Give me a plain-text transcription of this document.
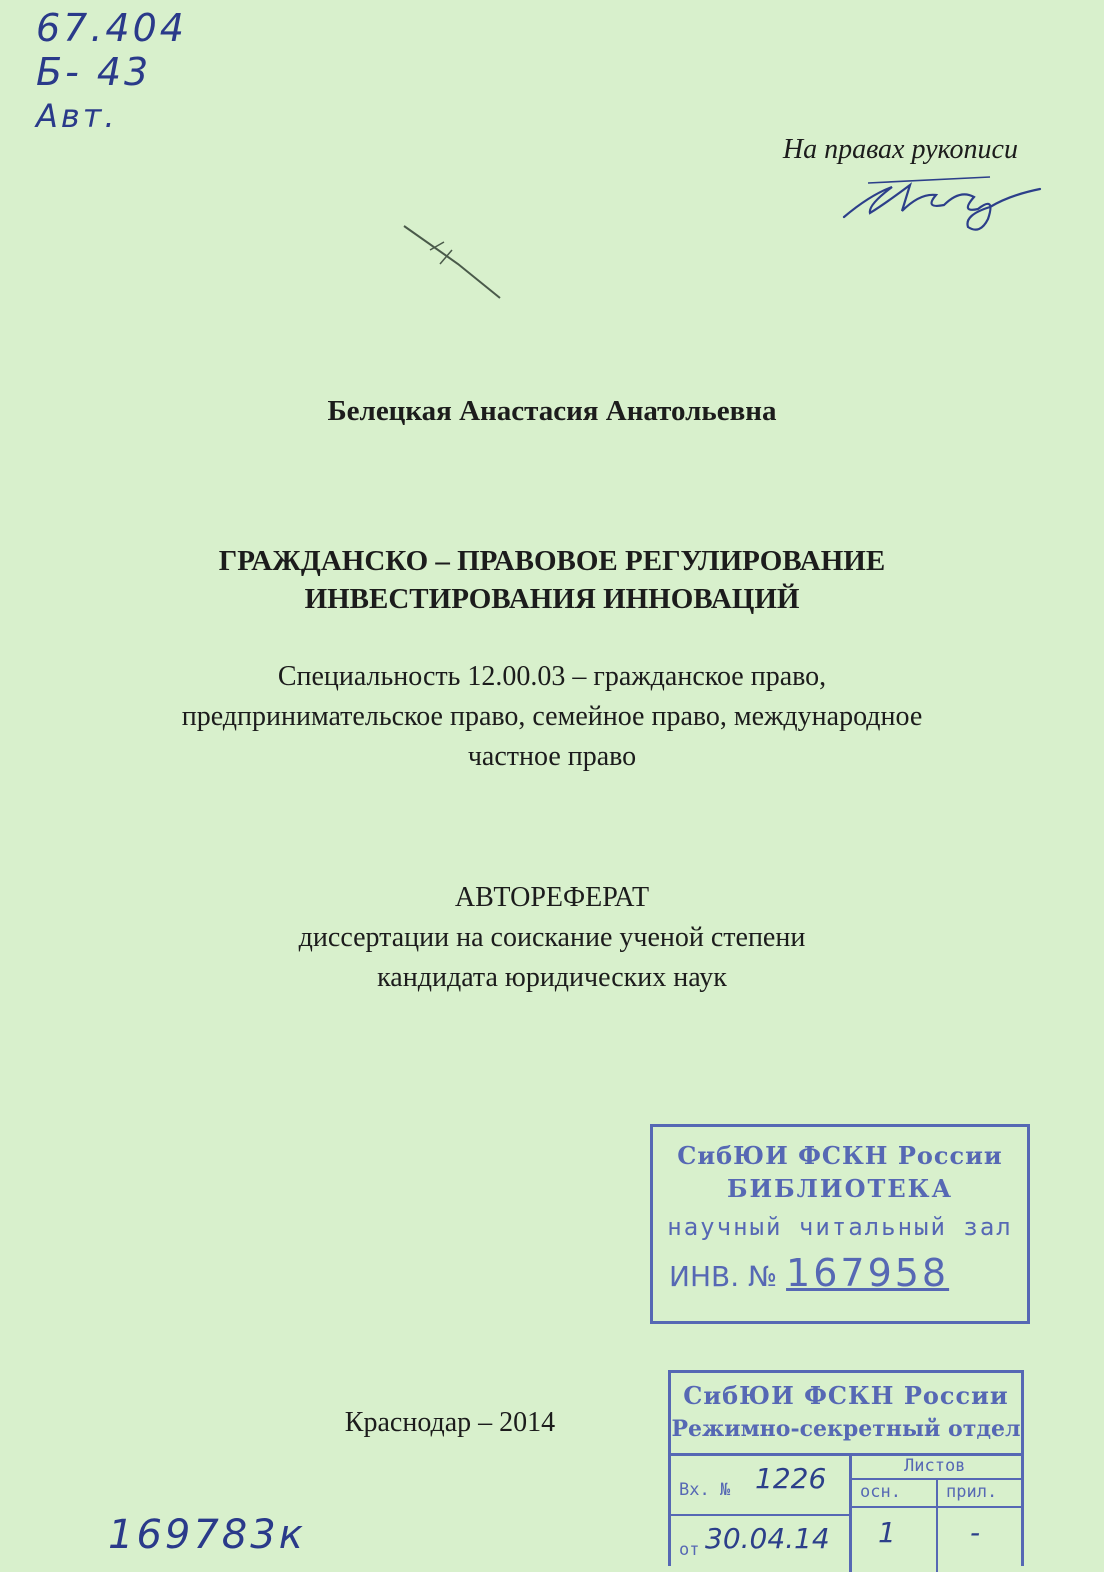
67.404
Б- 43
Авт.
На правах рукописи
Белецкая Анастасия Анатольевна
ГРАЖДАНСКО – ПРАВОВОЕ РЕГУЛИРОВАНИЕ
ИНВЕСТИРОВАНИЯ ИННОВАЦИЙ
Специальность 12.00.03 – гражданское право,
предпринимательское право, семейное право, международное
частное право
АВТОРЕФЕРАТ
диссертации на соискание ученой степени
кандидата юридических наук
СибЮИ ФСКН России
БИБЛИОТЕКА
научный читальный зал
ИНВ. № 167958
Краснодар – 2014
СибЮИ ФСКН России
Режимно-секретный отдел
Вх. № 1226
от 30.04.14
Листов
осн.	прил.
1	-
169783к
